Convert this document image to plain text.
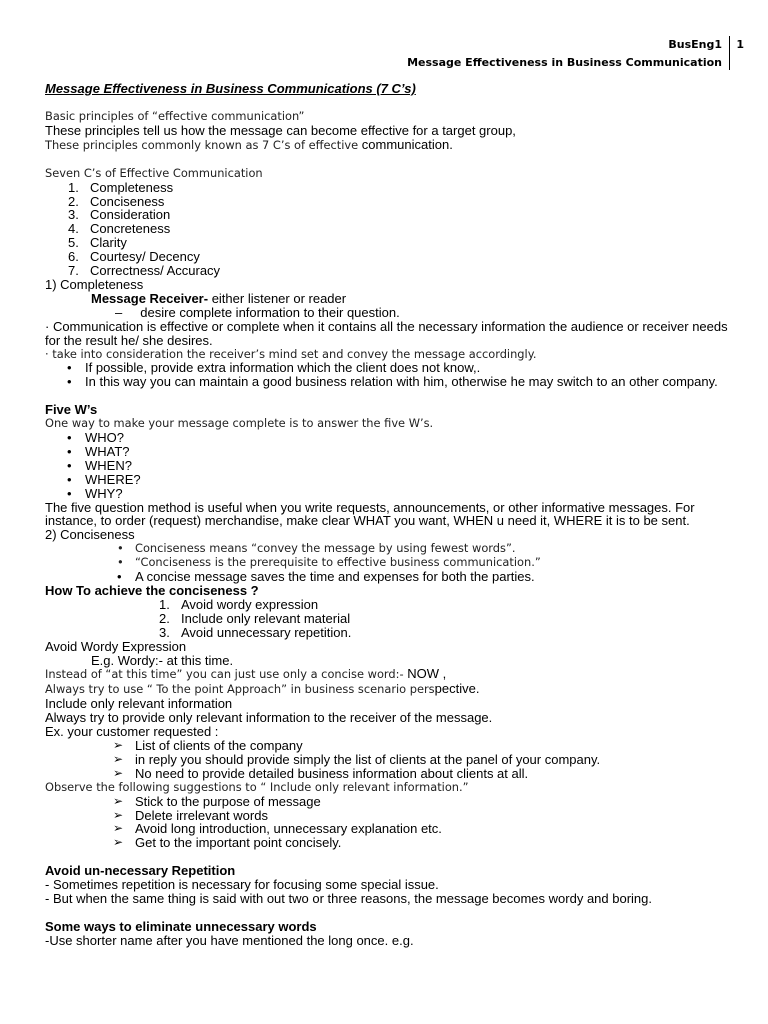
BusEng1
Message Effectiveness in Business Communication
1

Message Effectiveness in Business Communications (7 C’s)

Basic principles of “effective communication”

These principles tell us how the message can become effective for a target group,

These principles commonly known as 7 C’s of effective communication.

Seven C’s of Effective Communication

1. Completeness
2. Conciseness
3. Consideration
4. Concreteness
5. Clarity
6. Courtesy/ Decency
7. Correctness/ Accuracy

1) Completeness

Message Receiver- either listener or reader

–     desire complete information to their question.

· Communication is effective or complete when it contains all the necessary information the audience or receiver needs for the result he/ she desires.

· take into consideration the receiver’s mind set and convey the message accordingly.

• If possible, provide extra information which the client does not know,.
• In this way you can maintain a good business relation with him, otherwise he may switch to an other company.

Five W’s

One way to make your message complete is to answer the five W’s.

• WHO?
• WHAT?
• WHEN?
• WHERE?
• WHY?

The five question method is useful when you write requests, announcements, or other informative messages. For instance, to order (request) merchandise, make clear WHAT you want, WHEN u need it, WHERE it is to be sent.

2) Conciseness

• Conciseness means “convey the message by using fewest words”.
• “Conciseness is the prerequisite to effective business communication.”
• A concise message saves the time and expenses for both the parties.

How To achieve the conciseness ?

1. Avoid wordy expression
2. Include only relevant material
3. Avoid unnecessary repetition.

Avoid Wordy Expression

E.g. Wordy:- at this time.

Instead of “at this time” you can just use only a concise word:- NOW ,

Always try to use “ To the point Approach” in business scenario perspective.

Include only relevant information

Always try to provide only relevant information to the receiver of the message.

Ex. your customer requested :

➢ List of clients of the company
➢ in reply you should provide simply the list of clients at the panel of your company.
➢ No need to provide detailed business information about clients at all.

Observe the following suggestions to “ Include only relevant information.”

➢ Stick to the purpose of message
➢ Delete irrelevant words
➢ Avoid long introduction, unnecessary explanation etc.
➢ Get to the important point concisely.

Avoid un-necessary Repetition

- Sometimes repetition is necessary for focusing some special issue.

- But when the same thing is said with out two or three reasons, the message becomes wordy and boring.

Some ways to eliminate unnecessary words

-Use shorter name after you have mentioned the long once. e.g.
